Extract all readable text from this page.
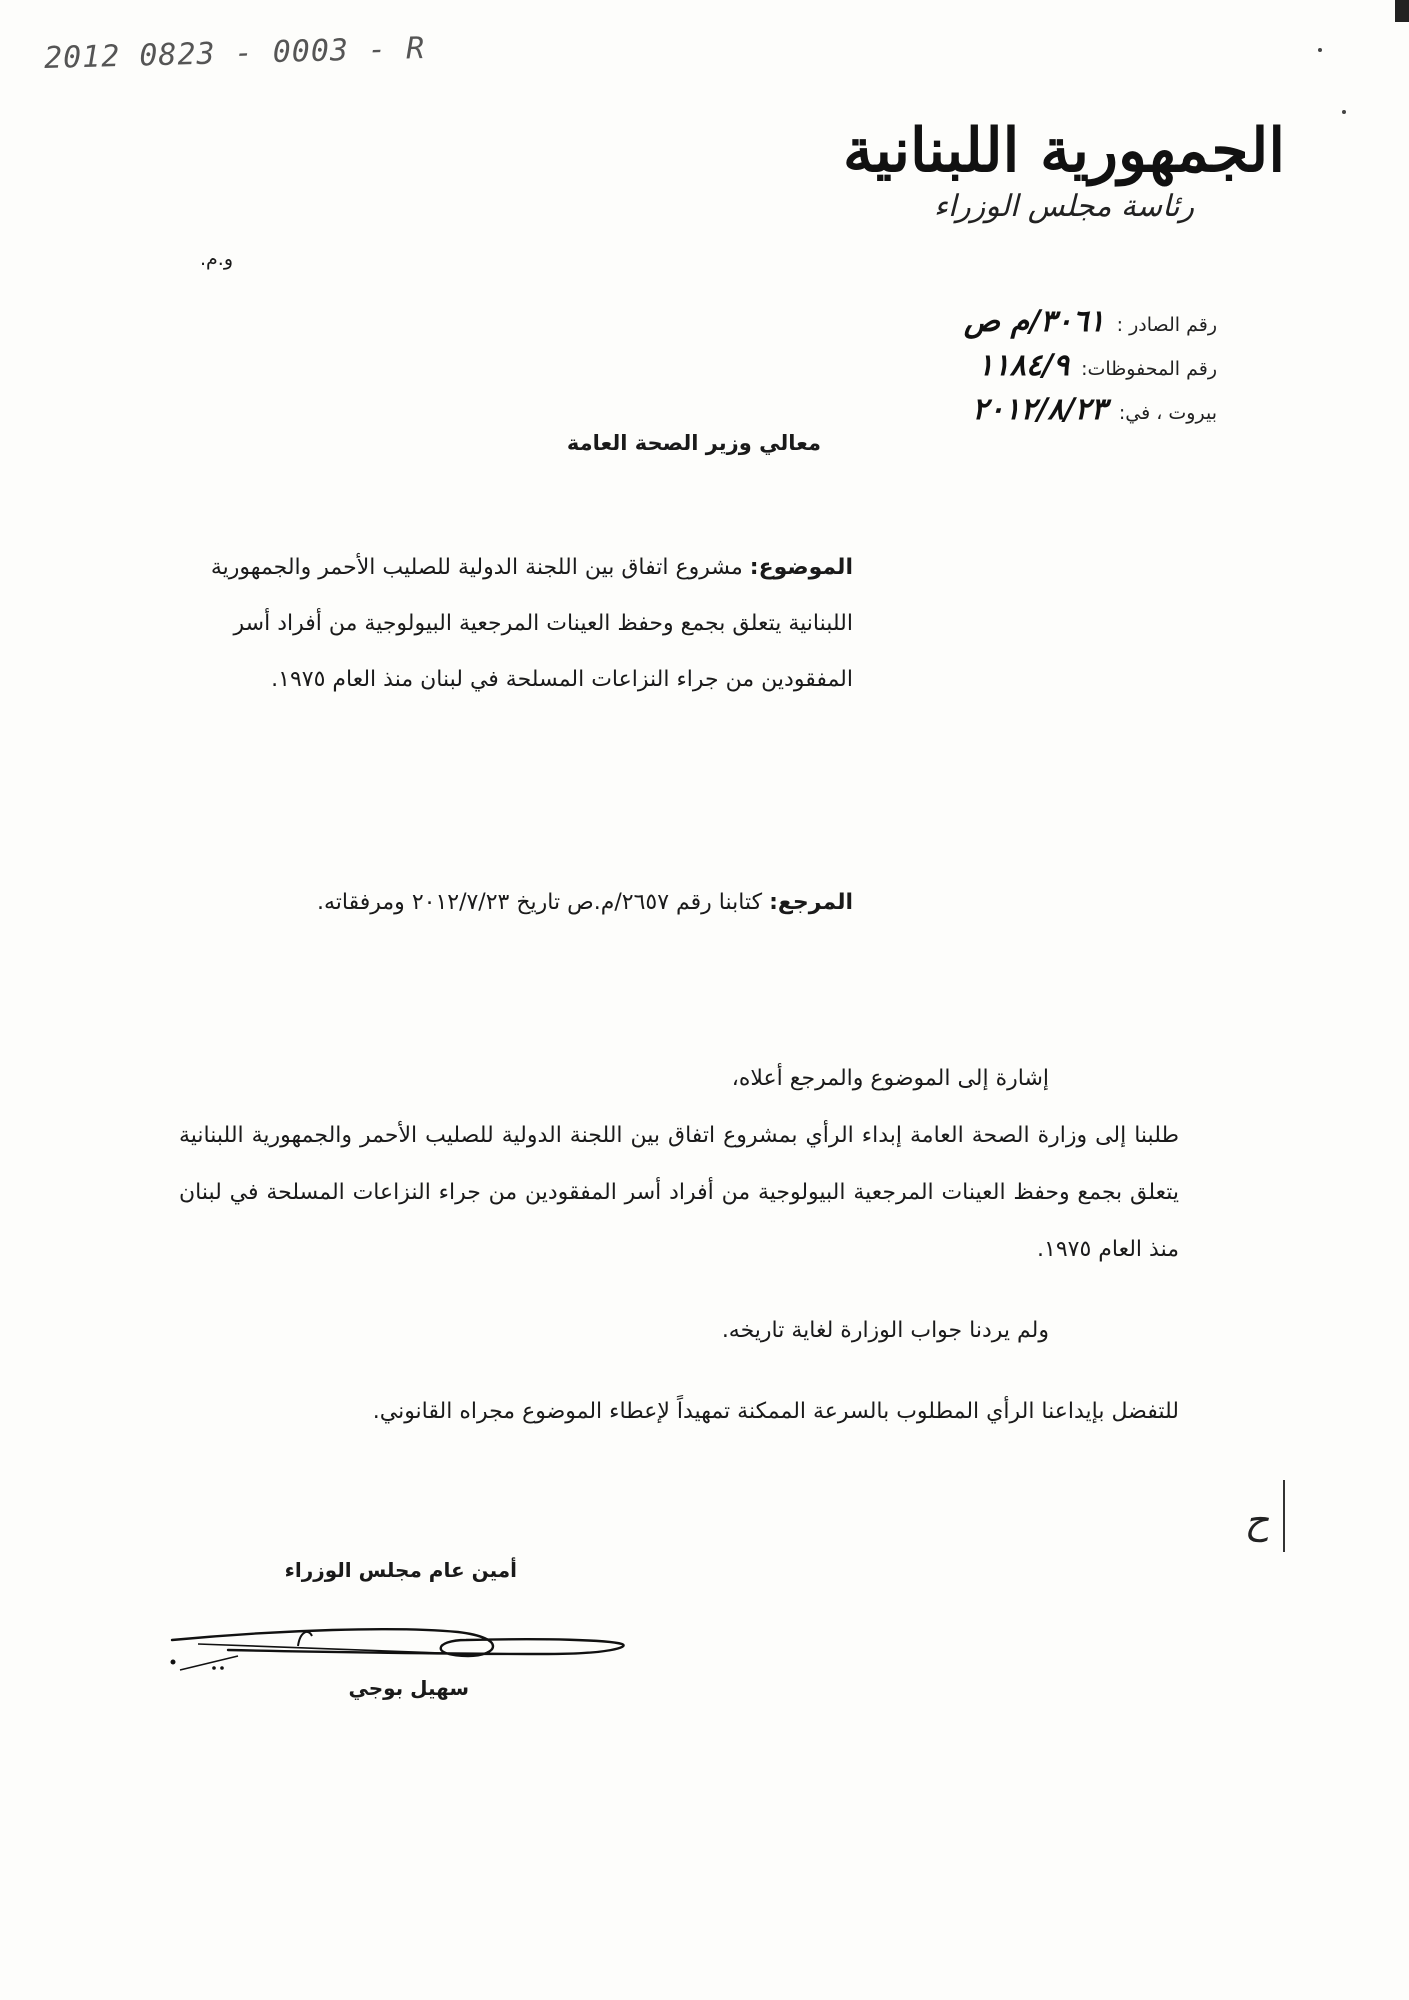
2012 0823 - 0003 - R
الجمهورية اللبنانية
رئاسة مجلس الوزراء
و.م.
رقم الصادر : ٣٠٦١/م ص
رقم المحفوظات: ١١٨٤/٩
بيروت ، في: ٢٠١٢/٨/٢٣
معالي وزير الصحة العامة
الموضوع: مشروع اتفاق بين اللجنة الدولية للصليب الأحمر والجمهورية اللبنانية يتعلق بجمع وحفظ العينات المرجعية البيولوجية من أفراد أسر المفقودين من جراء النزاعات المسلحة في لبنان منذ العام ١٩٧٥.
المرجع: كتابنا رقم ٢٦٥٧/م.ص تاريخ ٢٠١٢/٧/٢٣ ومرفقاته.

إشارة إلى الموضوع والمرجع أعلاه،

طلبنا إلى وزارة الصحة العامة إبداء الرأي بمشروع اتفاق بين اللجنة الدولية للصليب الأحمر والجمهورية اللبنانية يتعلق بجمع وحفظ العينات المرجعية البيولوجية من أفراد أسر المفقودين من جراء النزاعات المسلحة في لبنان منذ العام ١٩٧٥.

ولم يردنا جواب الوزارة لغاية تاريخه.

للتفضل بإيداعنا الرأي المطلوب بالسرعة الممكنة تمهيداً لإعطاء الموضوع مجراه القانوني.

ح
أمين عام مجلس الوزراء
سهيل بوجي
